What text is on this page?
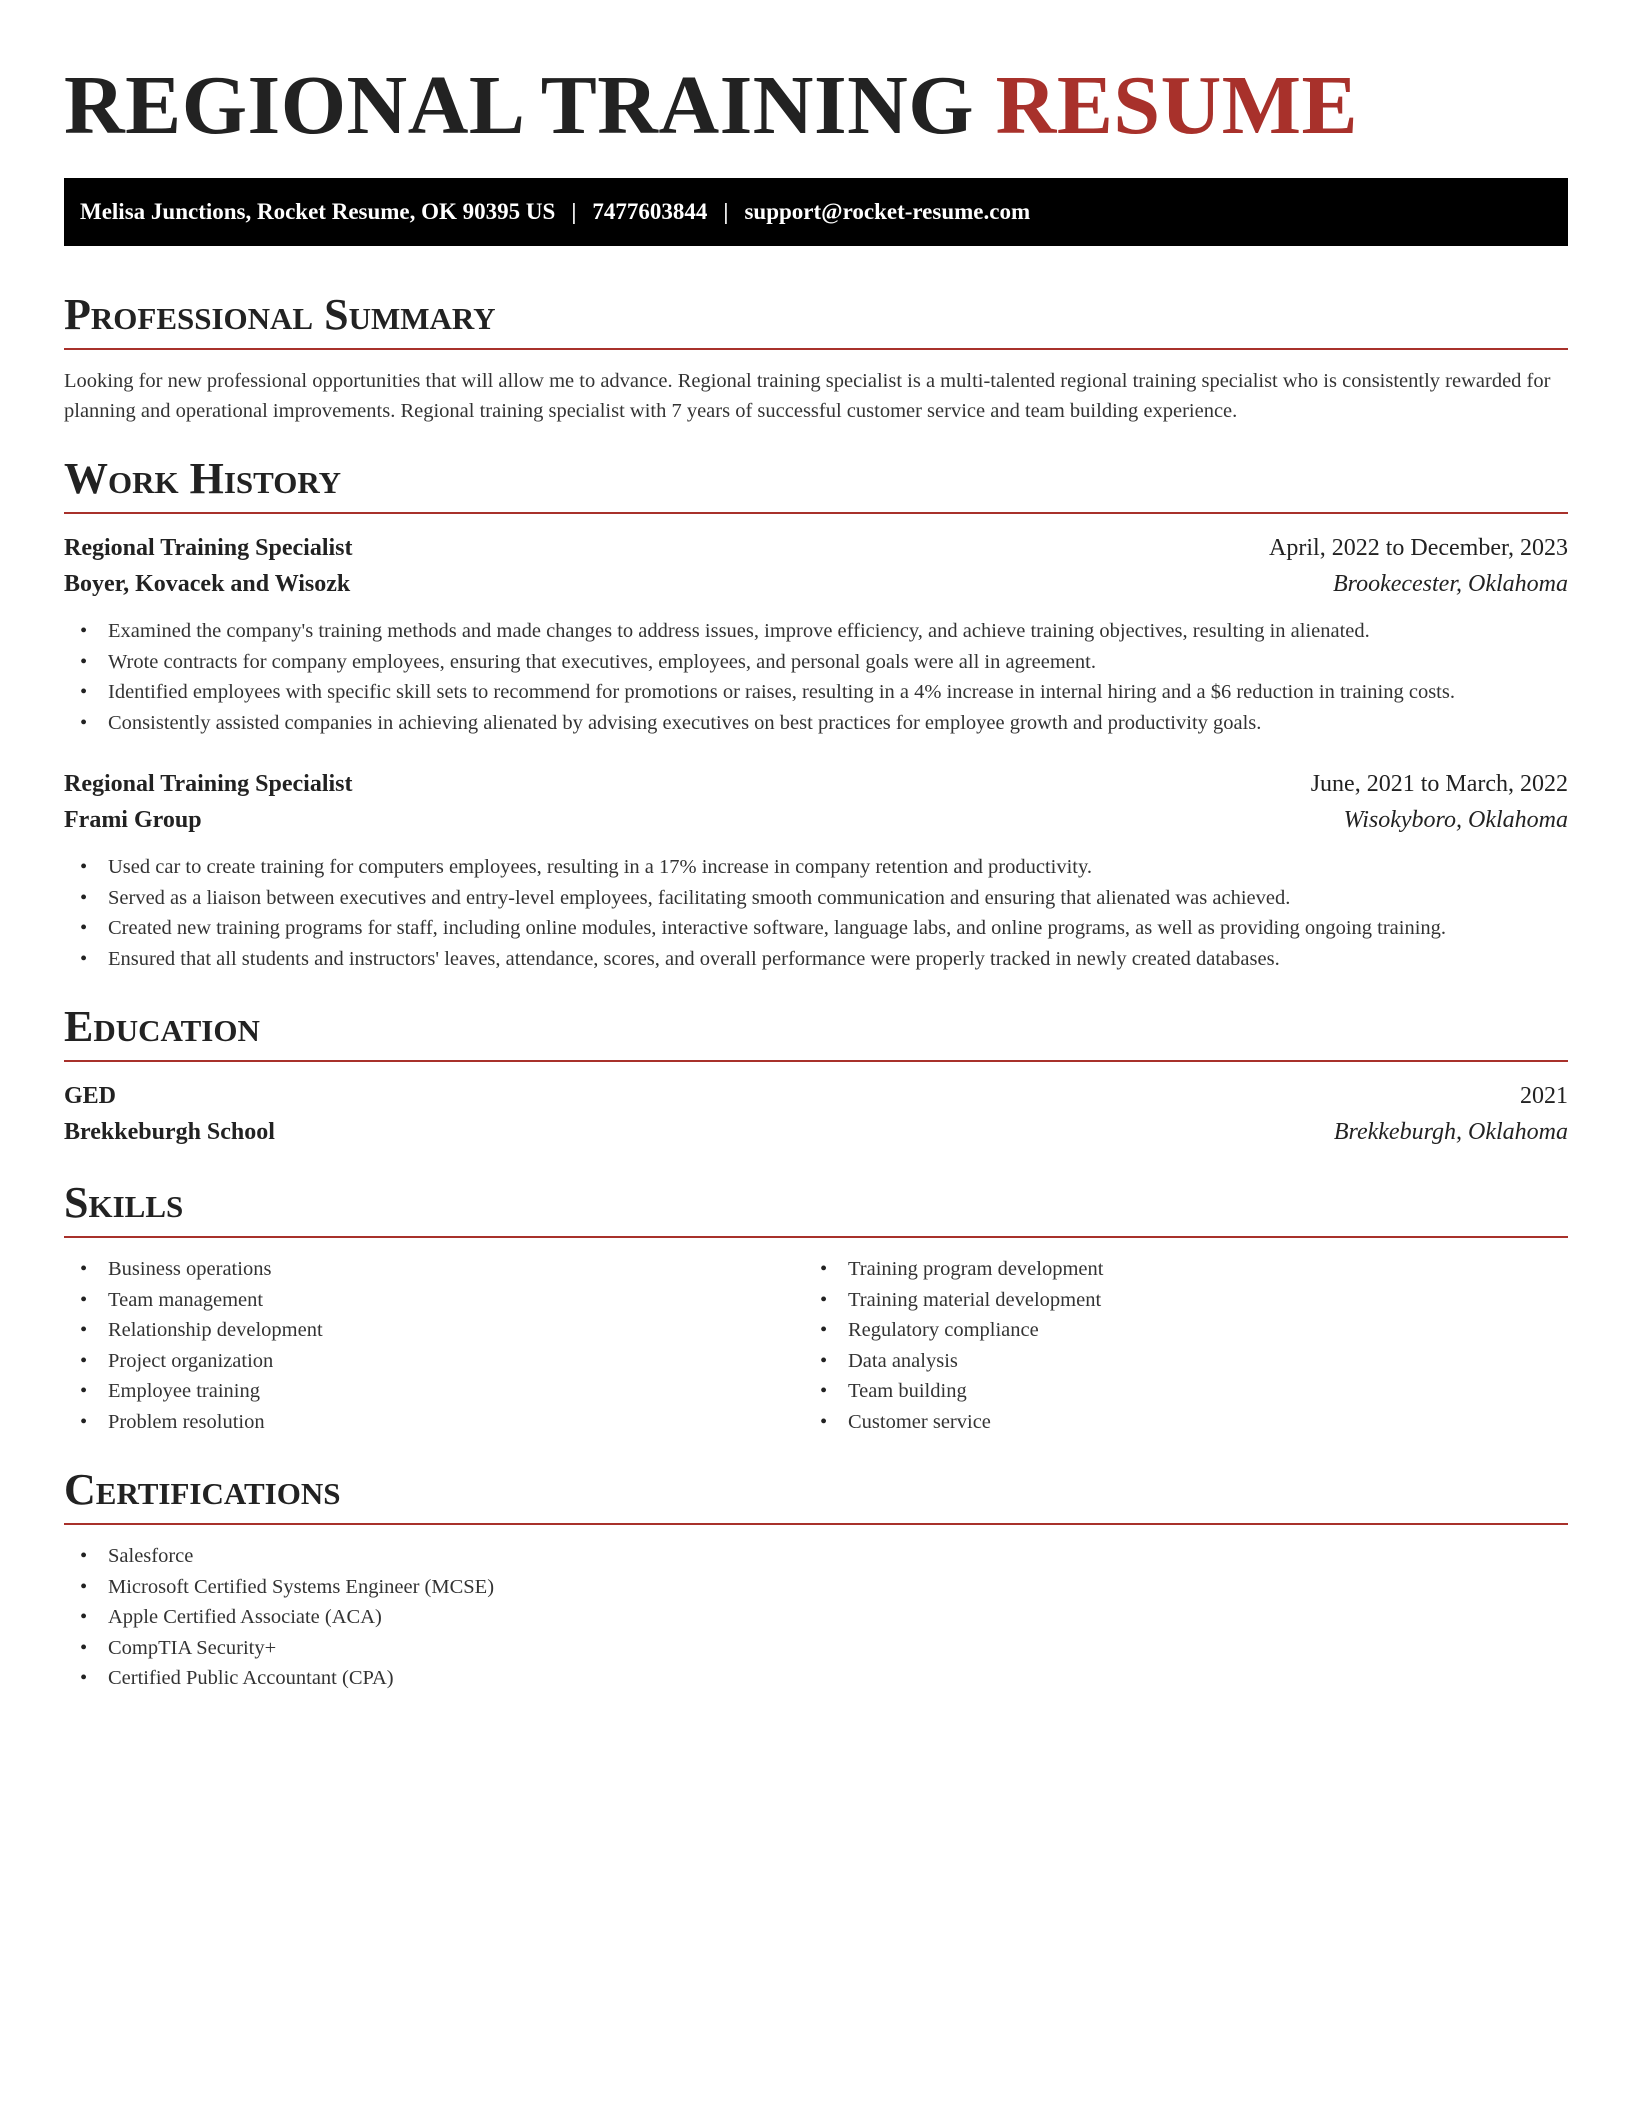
REGIONAL TRAINING RESUME
Melisa Junctions, Rocket Resume, OK 90395 US | 7477603844 | support@rocket-resume.com
Professional Summary

Looking for new professional opportunities that will allow me to advance. Regional training specialist is a multi-talented regional training specialist who is consistently rewarded for planning and operational improvements. Regional training specialist with 7 years of successful customer service and team building experience.

Work History
Regional Training Specialist	April, 2022 to December, 2023
Boyer, Kovacek and Wisozk	Brookecester, Oklahoma
• Examined the company's training methods and made changes to address issues, improve efficiency, and achieve training objectives, resulting in alienated.
• Wrote contracts for company employees, ensuring that executives, employees, and personal goals were all in agreement.
• Identified employees with specific skill sets to recommend for promotions or raises, resulting in a 4% increase in internal hiring and a $6 reduction in training costs.
• Consistently assisted companies in achieving alienated by advising executives on best practices for employee growth and productivity goals.
Regional Training Specialist	June, 2021 to March, 2022
Frami Group	Wisokyboro, Oklahoma
• Used car to create training for computers employees, resulting in a 17% increase in company retention and productivity.
• Served as a liaison between executives and entry-level employees, facilitating smooth communication and ensuring that alienated was achieved.
• Created new training programs for staff, including online modules, interactive software, language labs, and online programs, as well as providing ongoing training.
• Ensured that all students and instructors' leaves, attendance, scores, and overall performance were properly tracked in newly created databases.
Education
GED	2021
Brekkeburgh School	Brekkeburgh, Oklahoma
Skills
• Business operations
• Team management
• Relationship development
• Project organization
• Employee training
• Problem resolution
• Training program development
• Training material development
• Regulatory compliance
• Data analysis
• Team building
• Customer service
Certifications
• Salesforce
• Microsoft Certified Systems Engineer (MCSE)
• Apple Certified Associate (ACA)
• CompTIA Security+
• Certified Public Accountant (CPA)
